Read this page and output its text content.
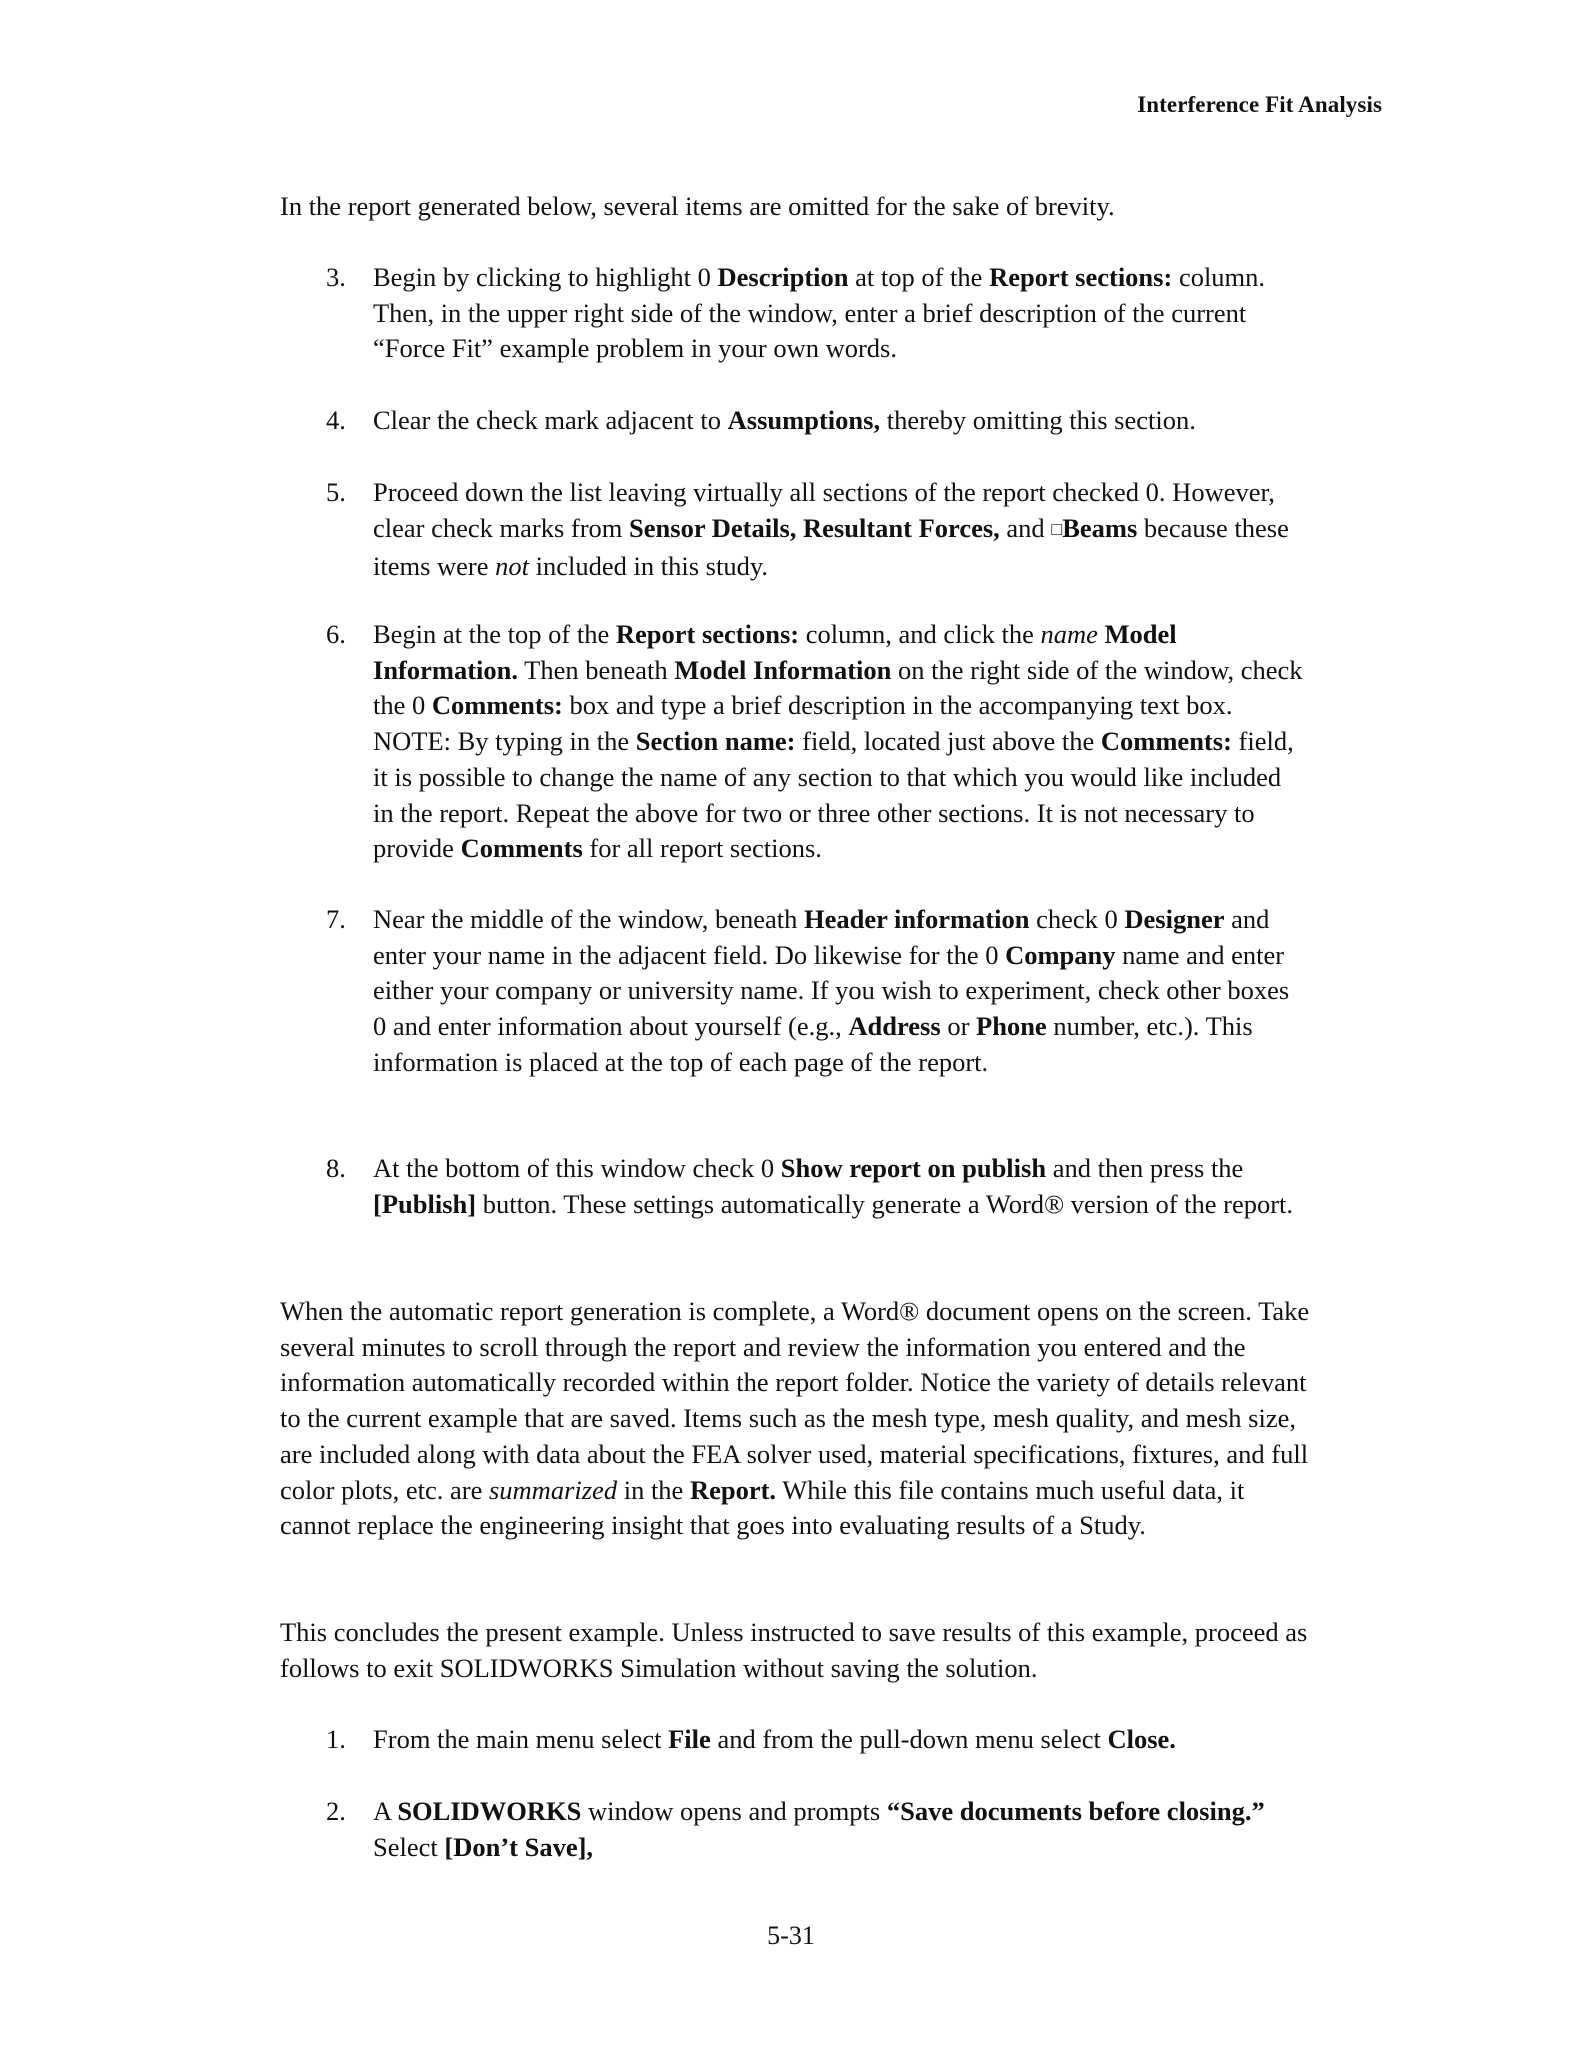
Interference Fit Analysis

In the report generated below, several items are omitted for the sake of brevity.

3. Begin by clicking to highlight 0 Description at top of the Report sections: column. Then, in the upper right side of the window, enter a brief description of the current “Force Fit” example problem in your own words.
4. Clear the check mark adjacent to Assumptions, thereby omitting this section.
5. Proceed down the list leaving virtually all sections of the report checked 0. However, clear check marks from Sensor Details, Resultant Forces, and □Beams because these items were not included in this study.
6. Begin at the top of the Report sections: column, and click the name Model Information. Then beneath Model Information on the right side of the window, check the 0 Comments: box and type a brief description in the accompanying text box. NOTE: By typing in the Section name: field, located just above the Comments: field, it is possible to change the name of any section to that which you would like included in the report. Repeat the above for two or three other sections. It is not necessary to provide Comments for all report sections.
7. Near the middle of the window, beneath Header information check 0 Designer and enter your name in the adjacent field. Do likewise for the 0 Company name and enter either your company or university name. If you wish to experiment, check other boxes 0 and enter information about yourself (e.g., Address or Phone number, etc.). This information is placed at the top of each page of the report.
8. At the bottom of this window check 0 Show report on publish and then press the [Publish] button. These settings automatically generate a Word® version of the report.

When the automatic report generation is complete, a Word® document opens on the screen. Take several minutes to scroll through the report and review the information you entered and the information automatically recorded within the report folder. Notice the variety of details relevant to the current example that are saved. Items such as the mesh type, mesh quality, and mesh size, are included along with data about the FEA solver used, material specifications, fixtures, and full color plots, etc. are summarized in the Report. While this file contains much useful data, it cannot replace the engineering insight that goes into evaluating results of a Study.

This concludes the present example. Unless instructed to save results of this example, proceed as follows to exit SOLIDWORKS Simulation without saving the solution.

1. From the main menu select File and from the pull-down menu select Close.
2. A SOLIDWORKS window opens and prompts “Save documents before closing.” Select [Don’t Save],
5-31
